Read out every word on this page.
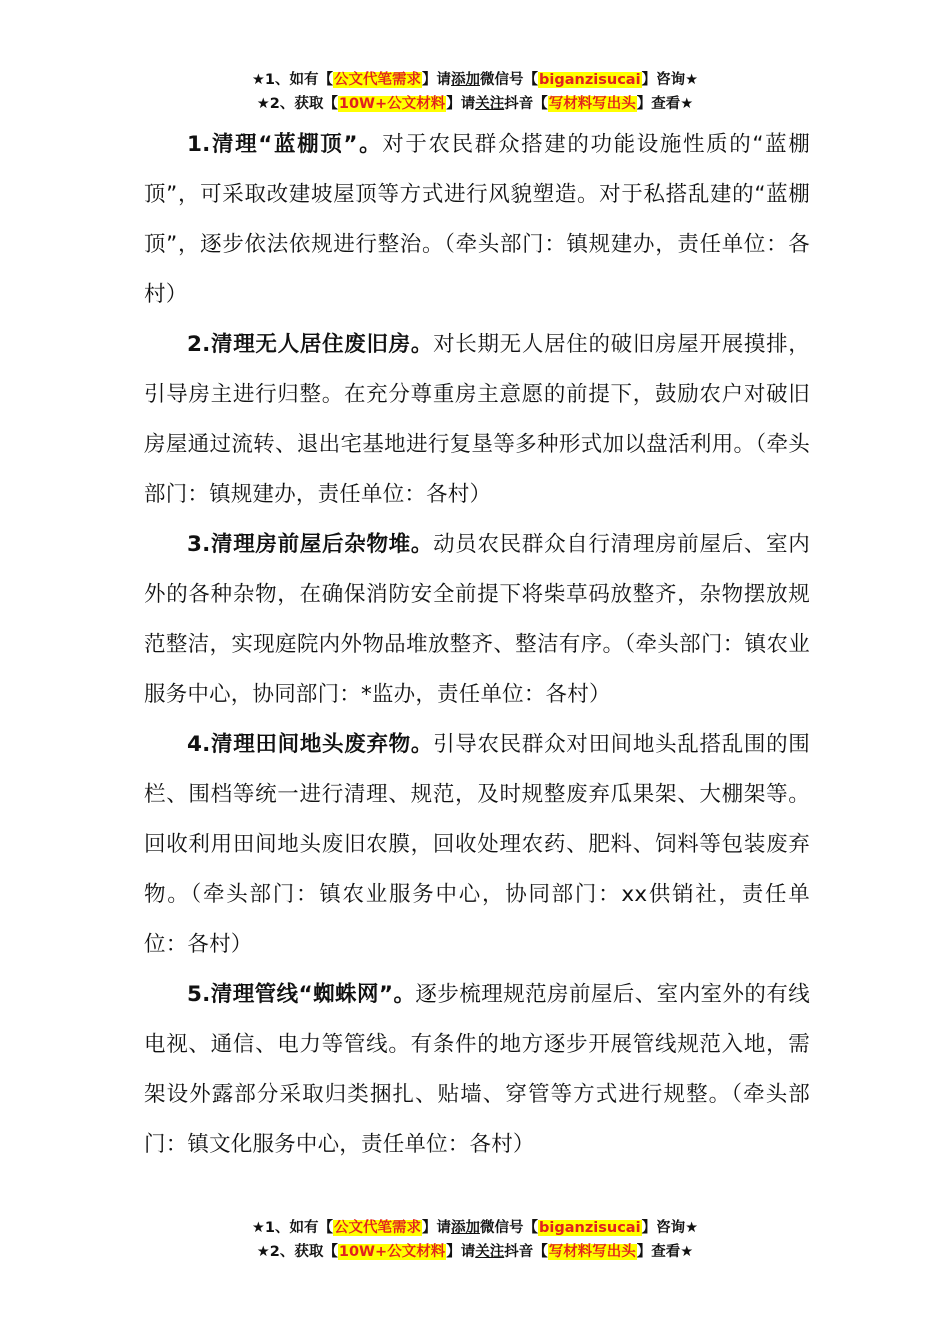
★1、如有【公文代笔需求】请添加微信号【biganzisucai】咨询★
★2、获取【10W+公文材料】请关注抖音【写材料写出头】查看★

1.清理“蓝棚顶”。对于农民群众搭建的功能设施性质的“蓝棚顶”，可采取改建坡屋顶等方式进行风貌塑造。对于私搭乱建的“蓝棚顶”，逐步依法依规进行整治。（牵头部门：镇规建办，责任单位：各村）

2.清理无人居住废旧房。对长期无人居住的破旧房屋开展摸排，引导房主进行归整。在充分尊重房主意愿的前提下，鼓励农户对破旧房屋通过流转、退出宅基地进行复垦等多种形式加以盘活利用。（牵头部门：镇规建办，责任单位：各村）

3.清理房前屋后杂物堆。动员农民群众自行清理房前屋后、室内外的各种杂物，在确保消防安全前提下将柴草码放整齐，杂物摆放规范整洁，实现庭院内外物品堆放整齐、整洁有序。（牵头部门：镇农业服务中心，协同部门：*监办，责任单位：各村）

4.清理田间地头废弃物。引导农民群众对田间地头乱搭乱围的围栏、围档等统一进行清理、规范，及时规整废弃瓜果架、大棚架等。回收利用田间地头废旧农膜，回收处理农药、肥料、饲料等包装废弃物。（牵头部门：镇农业服务中心，协同部门：xx供销社，责任单位：各村）

5.清理管线“蜘蛛网”。逐步梳理规范房前屋后、室内室外的有线电视、通信、电力等管线。有条件的地方逐步开展管线规范入地，需架设外露部分采取归类捆扎、贴墙、穿管等方式进行规整。（牵头部门：镇文化服务中心，责任单位：各村）

★1、如有【公文代笔需求】请添加微信号【biganzisucai】咨询★
★2、获取【10W+公文材料】请关注抖音【写材料写出头】查看★
